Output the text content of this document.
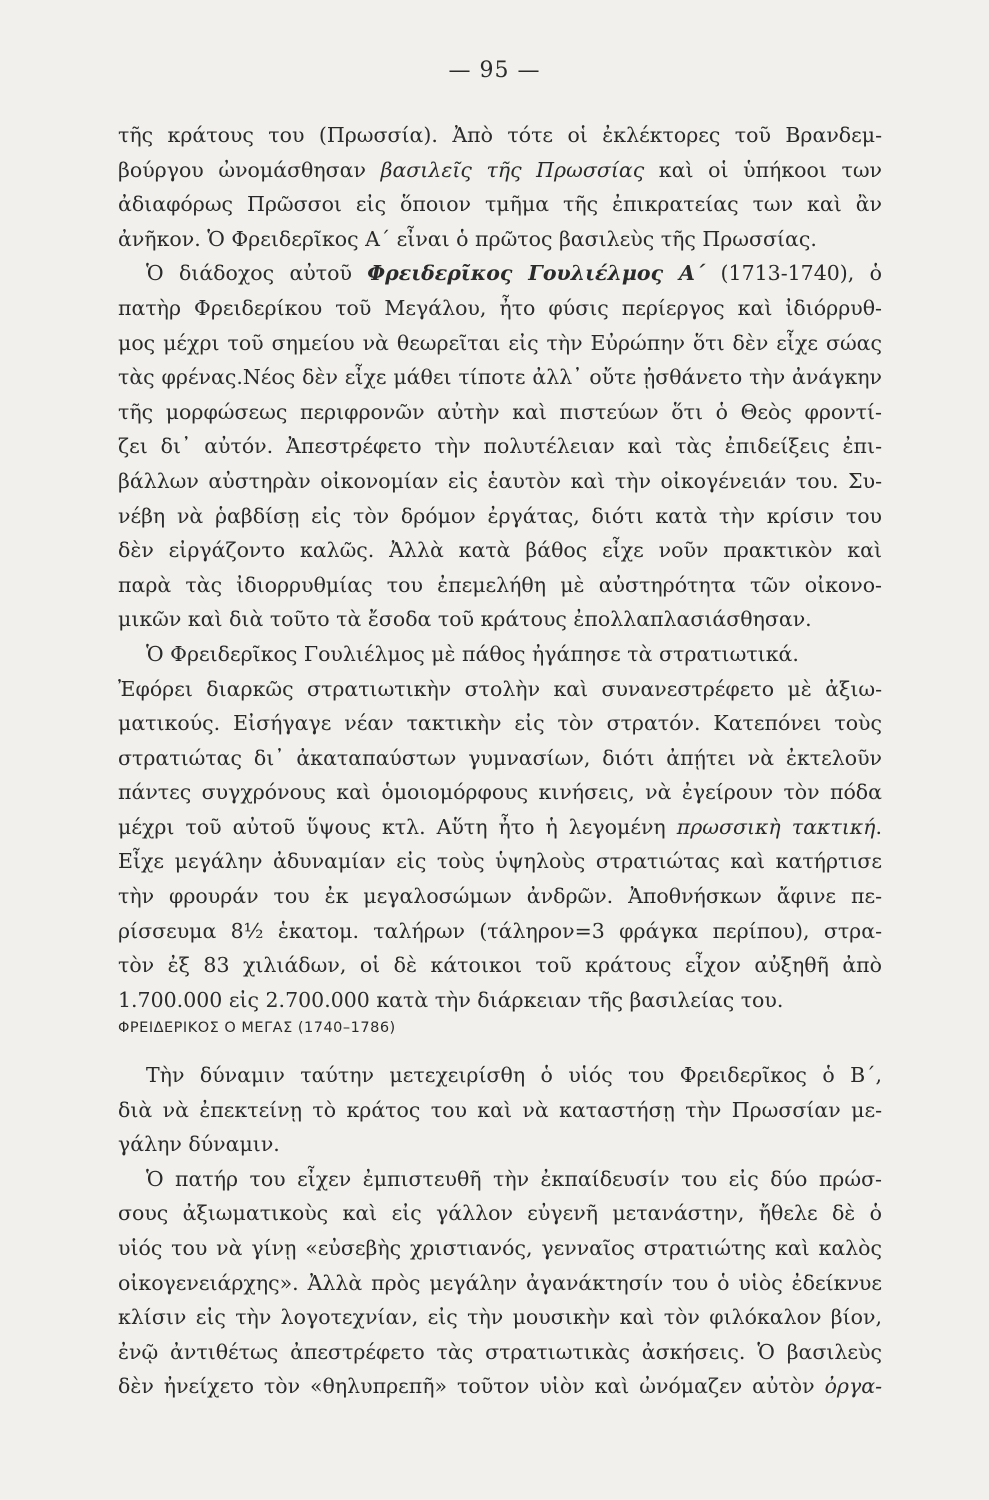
— 95 —
τῆς κράτους του (Πρωσσία). Ἀπὸ τότε οἱ ἐκλέκτορες τοῦ Βρανδεμ-
βούργου ὠνομάσθησαν βασιλεῖς τῆς Πρωσσίας καὶ οἱ ὑπήκοοι των
ἀδιαφόρως Πρῶσσοι εἰς ὅποιον τμῆμα τῆς ἐπικρατείας των καὶ ἂν
ἀνῆκον. Ὁ Φρειδερῖκος Α΄ εἶναι ὁ πρῶτος βασιλεὺς τῆς Πρωσσίας.
Ὁ διάδοχος αὐτοῦ Φρειδερῖκος Γουλιέλμος Α΄ (1713-1740), ὁ
πατὴρ Φρειδερίκου τοῦ Μεγάλου, ἦτο φύσις περίεργος καὶ ἰδιόρρυθ-
μος μέχρι τοῦ σημείου νὰ θεωρεῖται εἰς τὴν Εὐρώπην ὅτι δὲν εἶχε σώας
τὰς φρένας.Νέος δὲν εἶχε μάθει τίποτε ἀλλ᾽ οὔτε ᾐσθάνετο τὴν ἀνάγκην
τῆς μορφώσεως περιφρονῶν αὐτὴν καὶ πιστεύων ὅτι ὁ Θεὸς φροντί-
ζει δι᾽ αὐτόν. Ἀπεστρέφετο τὴν πολυτέλειαν καὶ τὰς ἐπιδείξεις ἐπι-
βάλλων αὐστηρὰν οἰκονομίαν εἰς ἑαυτὸν καὶ τὴν οἰκογένειάν του. Συ-
νέβη νὰ ῥαβδίσῃ εἰς τὸν δρόμον ἐργάτας, διότι κατὰ τὴν κρίσιν του
δὲν εἰργάζοντο καλῶς. Ἀλλὰ κατὰ βάθος εἶχε νοῦν πρακτικὸν καὶ
παρὰ τὰς ἰδιορρυθμίας του ἐπεμελήθη μὲ αὐστηρότητα τῶν οἰκονο-
μικῶν καὶ διὰ τοῦτο τὰ ἔσοδα τοῦ κράτους ἐπολλαπλασιάσθησαν.
Ὁ Φρειδερῖκος Γουλιέλμος μὲ πάθος ἠγάπησε τὰ στρατιωτικά.
Ἐφόρει διαρκῶς στρατιωτικὴν στολὴν καὶ συνανεστρέφετο μὲ ἀξιω-
ματικούς. Εἰσήγαγε νέαν τακτικὴν εἰς τὸν στρατόν. Κατεπόνει τοὺς
στρατιώτας δι᾽ ἀκαταπαύστων γυμνασίων, διότι ἀπῄτει νὰ ἐκτελοῦν
πάντες συγχρόνους καὶ ὁμοιομόρφους κινήσεις, νὰ ἐγείρουν τὸν πόδα
μέχρι τοῦ αὐτοῦ ὕψους κτλ. Αὕτη ἦτο ἡ λεγομένη πρωσσικὴ τακτική.
Εἶχε μεγάλην ἀδυναμίαν εἰς τοὺς ὑψηλοὺς στρατιώτας καὶ κατήρτισε
τὴν φρουράν του ἐκ μεγαλοσώμων ἀνδρῶν. Ἀποθνήσκων ἄφινε πε-
ρίσσευμα 8½ ἑκατομ. ταλήρων (τάληρον=3 φράγκα περίπου), στρα-
τὸν ἐξ 83 χιλιάδων, οἱ δὲ κάτοικοι τοῦ κράτους εἶχον αὐξηθῆ ἀπὸ
1.700.000 εἰς 2.700.000 κατὰ τὴν διάρκειαν τῆς βασιλείας του.
ΦΡΕΙΔΕΡΙΚΟΣ Ο ΜΕΓΑΣ (1740–1786)
Τὴν δύναμιν ταύτην μετεχειρίσθη ὁ υἱός του Φρειδερῖκος ὁ Β΄,
διὰ νὰ ἐπεκτείνῃ τὸ κράτος του καὶ νὰ καταστήσῃ τὴν Πρωσσίαν με-
γάλην δύναμιν.
Ὁ πατήρ του εἶχεν ἐμπιστευθῆ τὴν ἐκπαίδευσίν του εἰς δύο πρώσ-
σους ἀξιωματικοὺς καὶ εἰς γάλλον εὐγενῆ μετανάστην, ἤθελε δὲ ὁ
υἱός του νὰ γίνῃ «εὐσεβὴς χριστιανός, γενναῖος στρατιώτης καὶ καλὸς
οἰκογενειάρχης». Ἀλλὰ πρὸς μεγάλην ἀγανάκτησίν του ὁ υἱὸς ἐδείκνυε
κλίσιν εἰς τὴν λογοτεχνίαν, εἰς τὴν μουσικὴν καὶ τὸν φιλόκαλον βίον,
ἐνῷ ἀντιθέτως ἀπεστρέφετο τὰς στρατιωτικὰς ἀσκήσεις. Ὁ βασιλεὺς
δὲν ἠνείχετο τὸν «θηλυπρεπῆ» τοῦτον υἱὸν καὶ ὠνόμαζεν αὐτὸν ὀργα-
